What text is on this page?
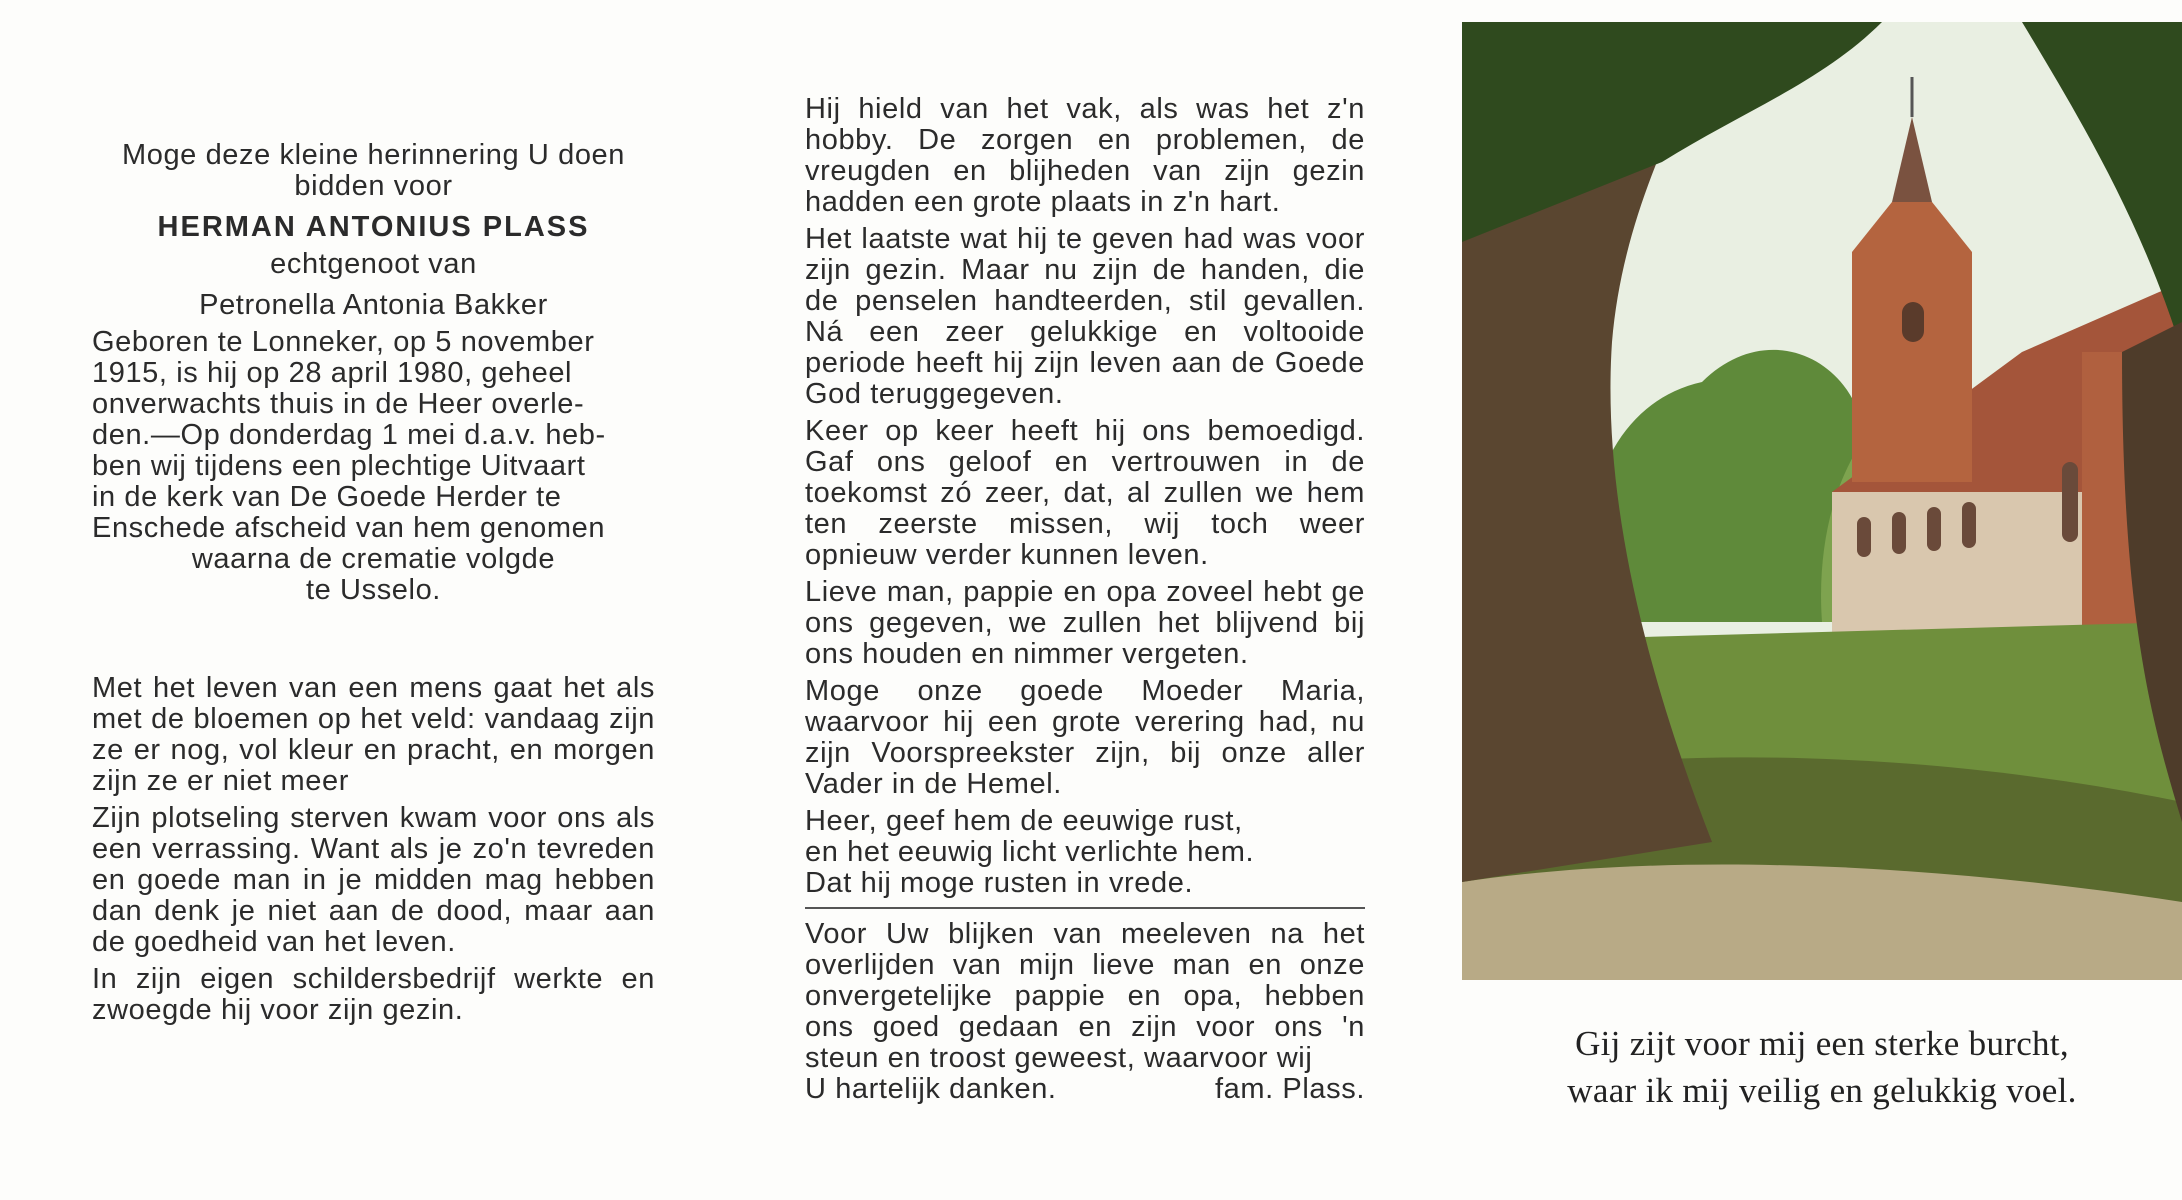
Moge deze kleine herinnering U doen
bidden voor
HERMAN ANTONIUS PLASS
echtgenoot van
Petronella Antonia Bakker
Geboren te Lonneker, op 5 november
1915, is hij op 28 april 1980, geheel
onverwachts thuis in de Heer overle-
den.—Op donderdag 1 mei d.a.v. heb-
ben wij tijdens een plechtige Uitvaart
in de kerk van De Goede Herder te
Enschede afscheid van hem genomen
waarna de crematie volgde
te Usselo.

Met het leven van een mens gaat het als met de bloemen op het veld: vandaag zijn ze er nog, vol kleur en pracht, en morgen zijn ze er niet meer

Zijn plotseling sterven kwam voor ons als een verrassing. Want als je zo'n tevreden en goede man in je midden mag hebben dan denk je niet aan de dood, maar aan de goedheid van het leven.

In zijn eigen schildersbedrijf werkte en zwoegde hij voor zijn gezin.

Hij hield van het vak, als was het z'n hobby. De zorgen en problemen, de vreugden en blijheden van zijn gezin hadden een grote plaats in z'n hart.

Het laatste wat hij te geven had was voor zijn gezin. Maar nu zijn de handen, die de penselen handteerden, stil gevallen. Ná een zeer gelukkige en voltooide periode heeft hij zijn leven aan de Goede God teruggegeven.

Keer op keer heeft hij ons bemoedigd. Gaf ons geloof en vertrouwen in de toekomst zó zeer, dat, al zullen we hem ten zeerste missen, wij toch weer opnieuw verder kunnen leven.

Lieve man, pappie en opa zoveel hebt ge ons gegeven, we zullen het blijvend bij ons houden en nimmer vergeten.

Moge onze goede Moeder Maria, waarvoor hij een grote verering had, nu zijn Voorspreekster zijn, bij onze aller Vader in de Hemel.

Heer, geef hem de eeuwige rust,
en het eeuwig licht verlichte hem.
Dat hij moge rusten in vrede.

Voor Uw blijken van meeleven na het overlijden van mijn lieve man en onze onvergetelijke pappie en opa, hebben ons goed gedaan en zijn voor ons 'n steun en troost geweest, waarvoor wij

U hartelijk danken.	fam. Plass.
Gij zijt voor mij een sterke burcht,
waar ik mij veilig en gelukkig voel.
